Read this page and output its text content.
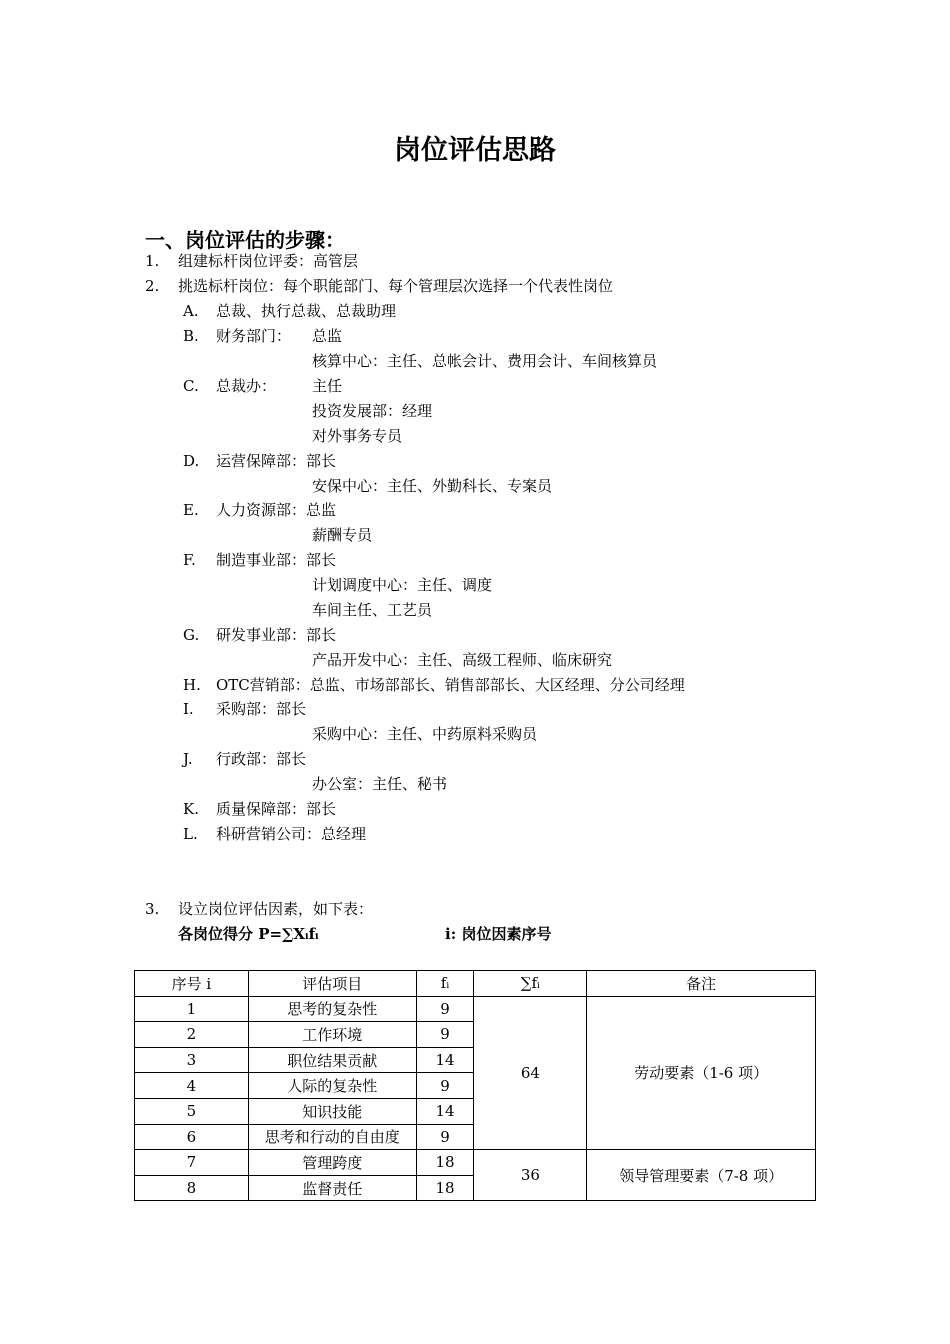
岗位评估思路
一、岗位评估的步骤：
1. 组建标杆岗位评委：高管层
2. 挑选标杆岗位：每个职能部门、每个管理层次选择一个代表性岗位
A. 总裁、执行总裁、总裁助理
B. 财务部门： 总监
核算中心：主任、总帐会计、费用会计、车间核算员
C. 总裁办： 主任
投资发展部：经理
对外事务专员
D. 运营保障部：部长
安保中心：主任、外勤科长、专案员
E. 人力资源部：总监
薪酬专员
F. 制造事业部：部长
计划调度中心：主任、调度
车间主任、工艺员
G. 研发事业部：部长
产品开发中心：主任、高级工程师、临床研究
H. OTC营销部：总监、市场部部长、销售部部长、大区经理、分公司经理
I. 采购部：部长
采购中心：主任、中药原料采购员
J. 行政部：部长
办公室：主任、秘书
K. 质量保障部：部长
L. 科研营销公司：总经理
3. 设立岗位评估因素，如下表：
各岗位得分 P=∑Xᵢfᵢ	i: 岗位因素序号
序号 i	评估项目	fᵢ	∑fᵢ	备注
1	思考的复杂性	9	64	劳动要素（1-6 项）
2	工作环境	9		
3	职位结果贡献	14		
4	人际的复杂性	9		
5	知识技能	14		
6	思考和行动的自由度	9		
7	管理跨度	18	36	领导管理要素（7-8 项）
8	监督责任	18		
